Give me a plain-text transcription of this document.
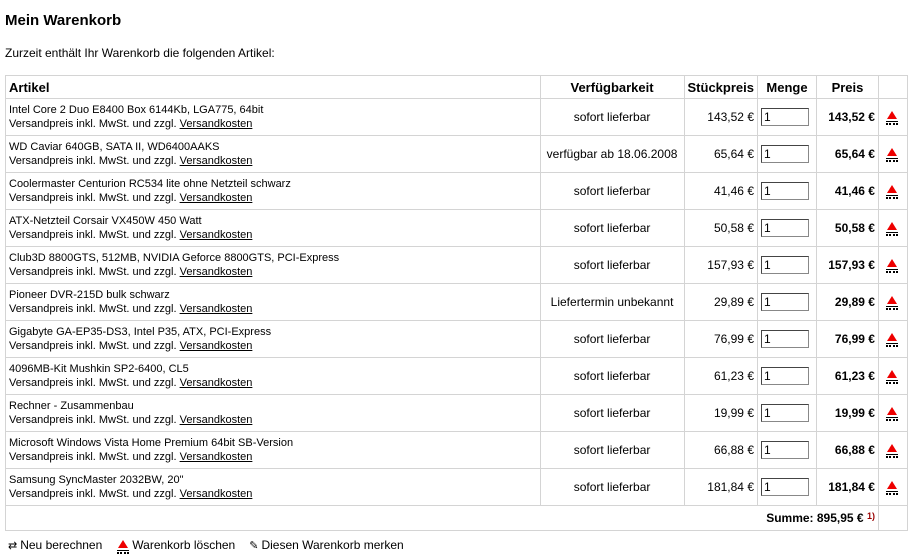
Mein Warenkorb
Zurzeit enthält Ihr Warenkorb die folgenden Artikel:
Artikel	Verfügbarkeit	Stückpreis	Menge	Preis	
Intel Core 2 Duo E8400 Box 6144Kb, LGA775, 64bit
Versandpreis inkl. MwSt. und zzgl. Versandkosten	sofort lieferbar	143,52 €	1	143,52 €	
WD Caviar 640GB, SATA II, WD6400AAKS
Versandpreis inkl. MwSt. und zzgl. Versandkosten	verfügbar ab 18.06.2008	65,64 €	1	65,64 €	
Coolermaster Centurion RC534 lite ohne Netzteil schwarz
Versandpreis inkl. MwSt. und zzgl. Versandkosten	sofort lieferbar	41,46 €	1	41,46 €	
ATX-Netzteil Corsair VX450W 450 Watt
Versandpreis inkl. MwSt. und zzgl. Versandkosten	sofort lieferbar	50,58 €	1	50,58 €	
Club3D 8800GTS, 512MB, NVIDIA Geforce 8800GTS, PCI-Express
Versandpreis inkl. MwSt. und zzgl. Versandkosten	sofort lieferbar	157,93 €	1	157,93 €	
Pioneer DVR-215D bulk schwarz
Versandpreis inkl. MwSt. und zzgl. Versandkosten	Liefertermin unbekannt	29,89 €	1	29,89 €	
Gigabyte GA-EP35-DS3, Intel P35, ATX, PCI-Express
Versandpreis inkl. MwSt. und zzgl. Versandkosten	sofort lieferbar	76,99 €	1	76,99 €	
4096MB-Kit Mushkin SP2-6400, CL5
Versandpreis inkl. MwSt. und zzgl. Versandkosten	sofort lieferbar	61,23 €	1	61,23 €	
Rechner - Zusammenbau
Versandpreis inkl. MwSt. und zzgl. Versandkosten	sofort lieferbar	19,99 €	1	19,99 €	
Microsoft Windows Vista Home Premium 64bit SB-Version
Versandpreis inkl. MwSt. und zzgl. Versandkosten	sofort lieferbar	66,88 €	1	66,88 €	
Samsung SyncMaster 2032BW, 20"
Versandpreis inkl. MwSt. und zzgl. Versandkosten	sofort lieferbar	181,84 €	1	181,84 €	
Summe: 895,95 € $^{1)}$	
⇄ Neu berechnen	Warenkorb löschen ✎ Diesen Warenkorb merken
